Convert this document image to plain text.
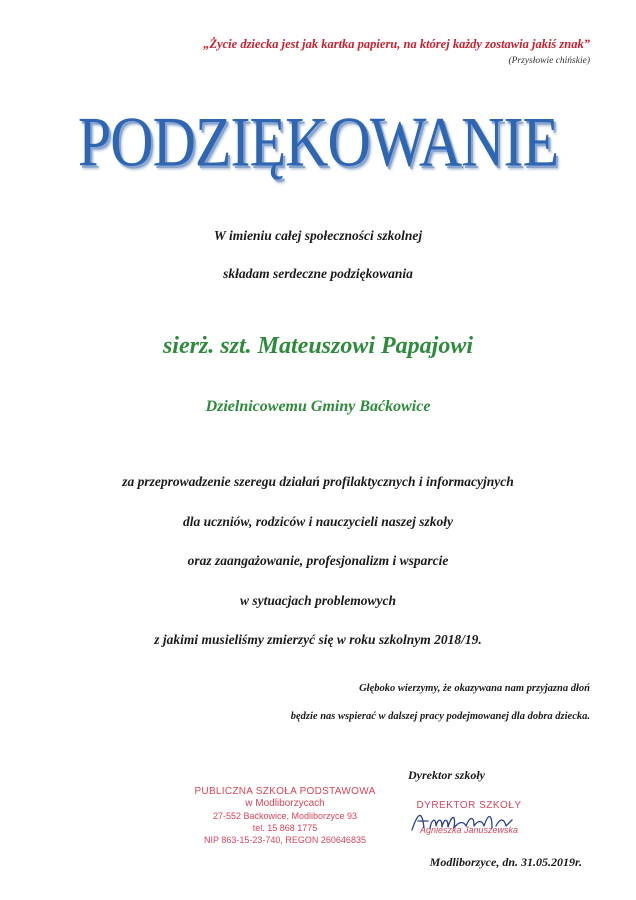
„Życie dziecka jest jak kartka papieru, na której każdy zostawia jakiś znak”
(Przysłowie chińskie)
PODZIĘKOWANIE
W imieniu całej społeczności szkolnej
składam serdeczne podziękowania
sierż. szt. Mateuszowi Papajowi
Dzielnicowemu Gminy Baćkowice
za przeprowadzenie szeregu działań profilaktycznych i informacyjnych
dla uczniów, rodziców i nauczycieli naszej szkoły
oraz zaangażowanie, profesjonalizm i wsparcie
w sytuacjach problemowych
z jakimi musieliśmy zmierzyć się w roku szkolnym 2018/19.
Głęboko wierzymy, że okazywana nam przyjazna dłoń
będzie nas wspierać w dalszej pracy podejmowanej dla dobra dziecka.
PUBLICZNA SZKOŁA PODSTAWOWA
w Modliborzycach
27-552 Baćkowice, Modliborzyce 93
tel. 15 868 1775
NIP 863-15-23-740, REGON 260646835
Dyrektor szkoły
DYREKTOR SZKOŁY
Agnieszka Januszewska
Modliborzyce, dn. 31.05.2019r.
